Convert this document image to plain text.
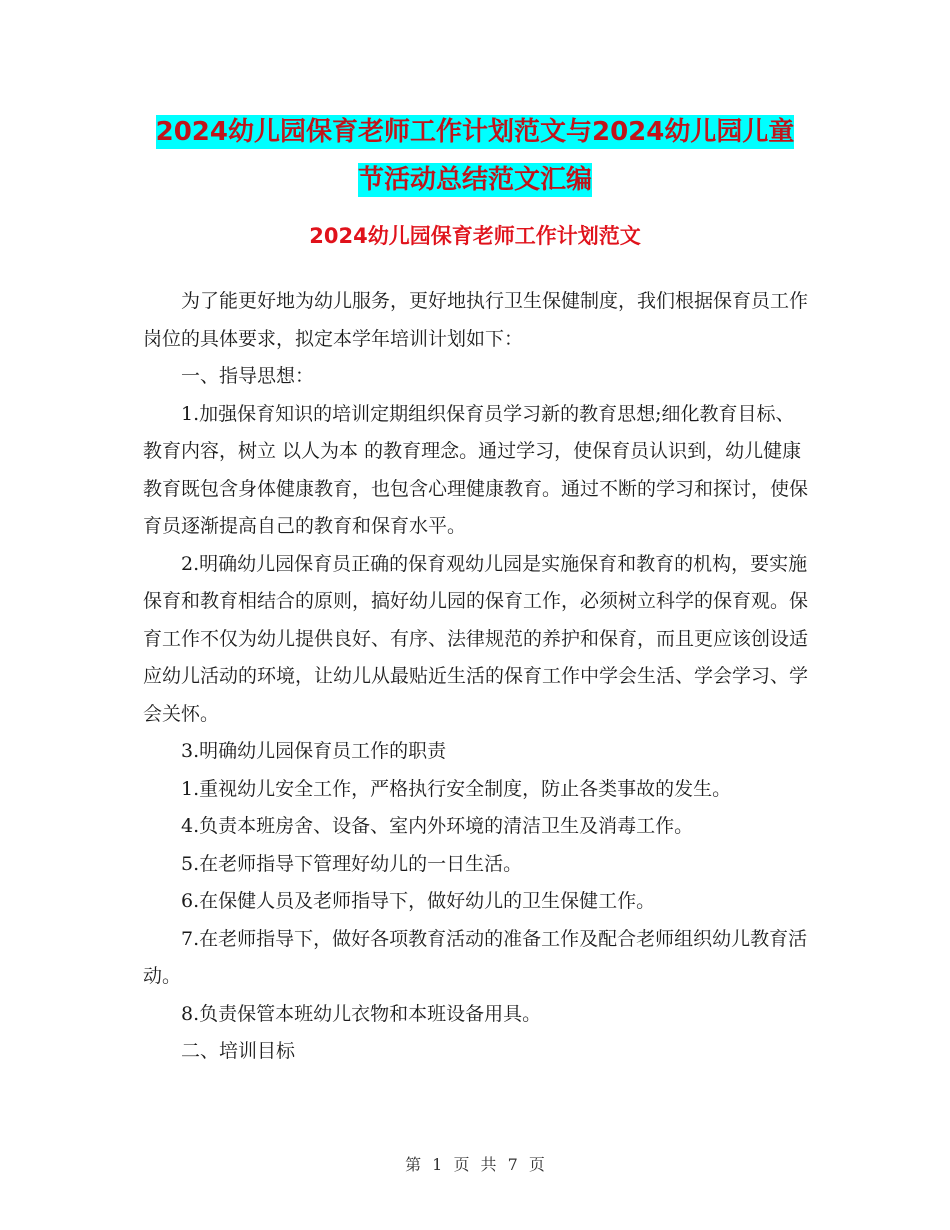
2024幼儿园保育老师工作计划范文与2024幼儿园儿童
节活动总结范文汇编
2024幼儿园保育老师工作计划范文

为了能更好地为幼儿服务，更好地执行卫生保健制度，我们根据保育员工作岗位的具体要求，拟定本学年培训计划如下：

一、指导思想：

1.加强保育知识的培训定期组织保育员学习新的教育思想;细化教育目标、教育内容，树立 以人为本 的教育理念。通过学习，使保育员认识到，幼儿健康教育既包含身体健康教育，也包含心理健康教育。通过不断的学习和探讨，使保育员逐渐提高自己的教育和保育水平。

2.明确幼儿园保育员正确的保育观幼儿园是实施保育和教育的机构，要实施保育和教育相结合的原则，搞好幼儿园的保育工作，必须树立科学的保育观。保育工作不仅为幼儿提供良好、有序、法律规范的养护和保育，而且更应该创设适应幼儿活动的环境，让幼儿从最贴近生活的保育工作中学会生活、学会学习、学会关怀。

3.明确幼儿园保育员工作的职责

1.重视幼儿安全工作，严格执行安全制度，防止各类事故的发生。

4.负责本班房舍、设备、室内外环境的清洁卫生及消毒工作。

5.在老师指导下管理好幼儿的一日生活。

6.在保健人员及老师指导下，做好幼儿的卫生保健工作。

7.在老师指导下，做好各项教育活动的准备工作及配合老师组织幼儿教育活动。

8.负责保管本班幼儿衣物和本班设备用具。

二、培训目标

第 1 页 共 7 页
